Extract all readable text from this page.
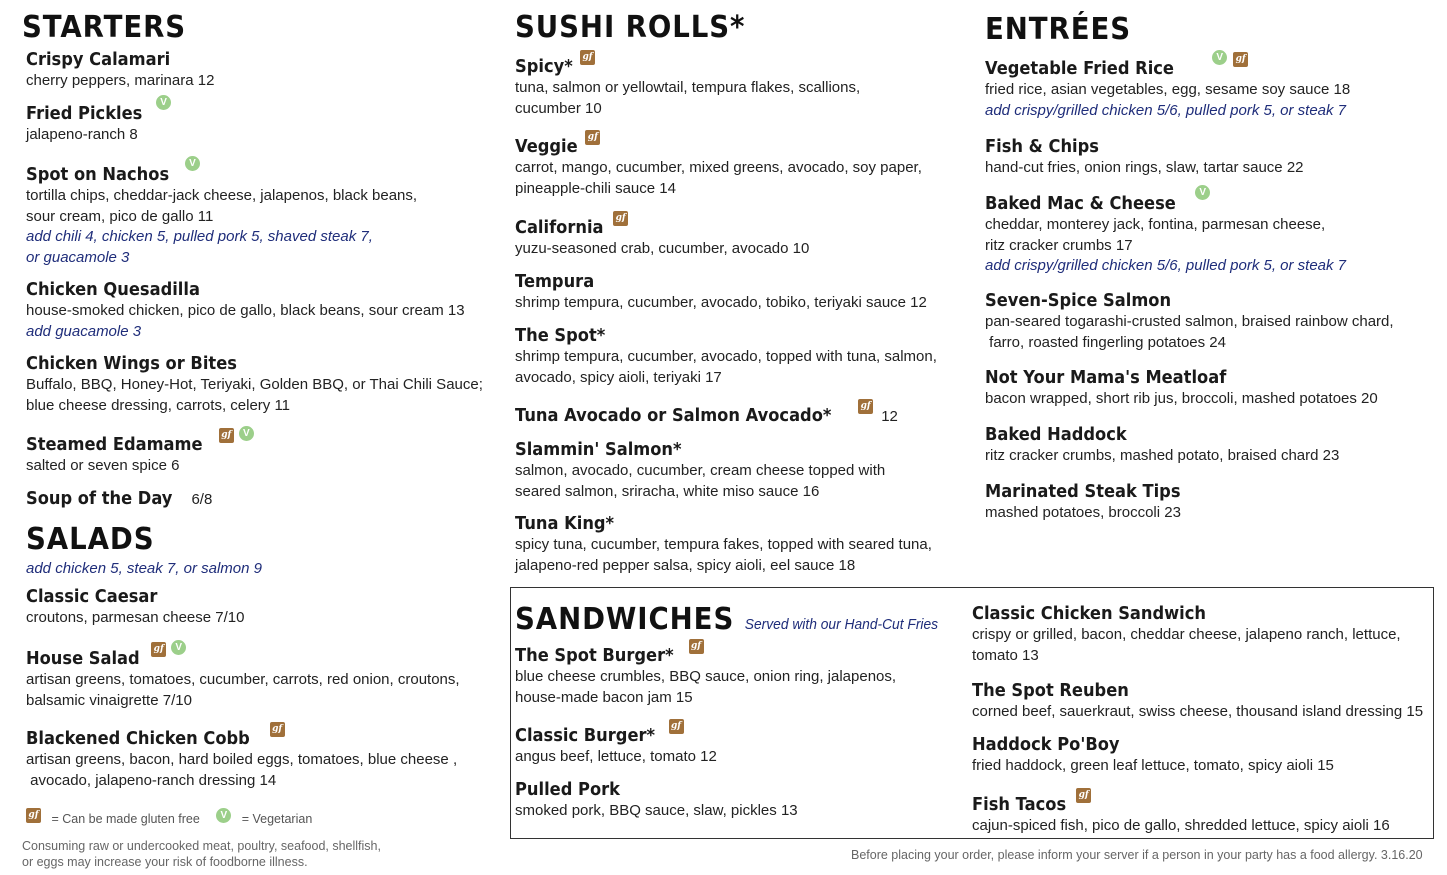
STARTERS
Crispy Calamari
cherry peppers, marinara 12
Fried PicklesV
jalapeno-ranch 8
Spot on NachosV
tortilla chips, cheddar-jack cheese, jalapenos, black beans,
sour cream, pico de gallo 11
add chili 4, chicken 5, pulled pork 5, shaved steak 7,
or guacamole 3
Chicken Quesadilla
house-smoked chicken, pico de gallo, black beans, sour cream 13
add guacamole 3
Chicken Wings or Bites
Buffalo, BBQ, Honey-Hot, Teriyaki, Golden BBQ, or Thai Chili Sauce;
blue cheese dressing, carrots, celery 11
Steamed Edamame gf V
salted or seven spice 6
Soup of the Day 6/8
SALADS
add chicken 5, steak 7, or salmon 9
Classic Caesar
croutons, parmesan cheese 7/10
House Salad gf V
artisan greens, tomatoes, cucumber, carrots, red onion, croutons,
balsamic vinaigrette 7/10
Blackened Chicken Cobb gf
artisan greens, bacon, hard boiled eggs, tomatoes, blue cheese ,
avocado, jalapeno-ranch dressing 14
gf = Can be made gluten free V = Vegetarian
Consuming raw or undercooked meat, poultry, seafood, shellfish,
or eggs may increase your risk of foodborne illness.
SUSHI ROLLS*
Spicy* gf
tuna, salmon or yellowtail, tempura flakes, scallions,
cucumber 10
Veggie gf
carrot, mango, cucumber, mixed greens, avocado, soy paper,
pineapple-chili sauce 14
California gf
yuzu-seasoned crab, cucumber, avocado 10
Tempura
shrimp tempura, cucumber, avocado, tobiko, teriyaki sauce 12
The Spot*
shrimp tempura, cucumber, avocado, topped with tuna, salmon,
avocado, spicy aioli, teriyaki 17
Tuna Avocado or Salmon Avocado*	gf12
Slammin' Salmon*
salmon, avocado, cucumber, cream cheese topped with
seared salmon, sriracha, white miso sauce 16
Tuna King*
spicy tuna, cucumber, tempura fakes, topped with seared tuna,
jalapeno-red pepper salsa, spicy aioli, eel sauce 18
ENTRÉES
Vegetable Fried RiceV gf
fried rice, asian vegetables, egg, sesame soy sauce 18
add crispy/grilled chicken 5/6, pulled pork 5, or steak 7
Fish & Chips
hand-cut fries, onion rings, slaw, tartar sauce 22
Baked Mac & CheeseV
cheddar, monterey jack, fontina, parmesan cheese,
ritz cracker crumbs 17
add crispy/grilled chicken 5/6, pulled pork 5, or steak 7
Seven-Spice Salmon
pan-seared togarashi-crusted salmon, braised rainbow chard,
farro, roasted fingerling potatoes 24
Not Your Mama's Meatloaf
bacon wrapped, short rib jus, broccoli, mashed potatoes 20
Baked Haddock
ritz cracker crumbs, mashed potato, braised chard 23
Marinated Steak Tips
mashed potatoes, broccoli 23
SANDWICHES Served with our Hand-Cut Fries
The Spot Burger* gf
blue cheese crumbles, BBQ sauce, onion ring, jalapenos,
house-made bacon jam 15
Classic Burger* gf
angus beef, lettuce, tomato 12
Pulled Pork
smoked pork, BBQ sauce, slaw, pickles 13
Classic Chicken Sandwich
crispy or grilled, bacon, cheddar cheese, jalapeno ranch, lettuce,
tomato 13
The Spot Reuben
corned beef, sauerkraut, swiss cheese, thousand island dressing 15
Haddock Po'Boy
fried haddock, green leaf lettuce, tomato, spicy aioli 15
Fish Tacos gf
cajun-spiced fish, pico de gallo, shredded lettuce, spicy aioli 16
Before placing your order, please inform your server if a person in your party has a food allergy. 3.16.20
